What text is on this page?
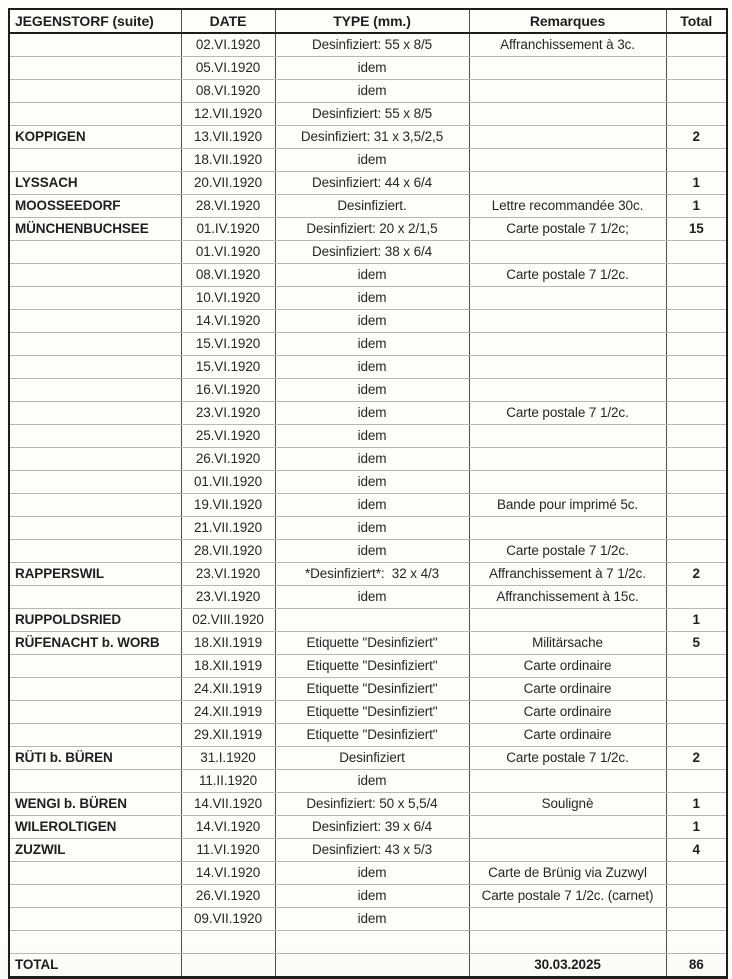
JEGENSTORF (suite)	DATE	TYPE (mm.)	Remarques	Total
	02.VI.1920	Desinfiziert: 55 x 8/5	Affranchissement à 3c.	
	05.VI.1920	idem		
	08.VI.1920	idem		
	12.VII.1920	Desinfiziert: 55 x 8/5		
KOPPIGEN	13.VII.1920	Desinfiziert: 31 x 3,5/2,5		2
	18.VII.1920	idem		
LYSSACH	20.VII.1920	Desinfiziert: 44 x 6/4		1
MOOSSEEDORF	28.VI.1920	Desinfiziert.	Lettre recommandée 30c.	1
MÜNCHENBUCHSEE	01.IV.1920	Desinfiziert: 20 x 2/1,5	Carte postale 7 1/2c;	15
	01.VI.1920	Desinfiziert: 38 x 6/4		
	08.VI.1920	idem	Carte postale 7 1/2c.	
	10.VI.1920	idem		
	14.VI.1920	idem		
	15.VI.1920	idem		
	15.VI.1920	idem		
	16.VI.1920	idem		
	23.VI.1920	idem	Carte postale 7 1/2c.	
	25.VI.1920	idem		
	26.VI.1920	idem		
	01.VII.1920	idem		
	19.VII.1920	idem	Bande pour imprimé 5c.	
	21.VII.1920	idem		
	28.VII.1920	idem	Carte postale 7 1/2c.	
RAPPERSWIL	23.VI.1920	*Desinfiziert*:  32 x 4/3	Affranchissement à 7 1/2c.	2
	23.VI.1920	idem	Affranchissement à 15c.	
RUPPOLDSRIED	02.VIII.1920			1
RÜFENACHT b. WORB	18.XII.1919	Etiquette "Desinfiziert"	Militärsache	5
	18.XII.1919	Etiquette "Desinfiziert"	Carte ordinaire	
	24.XII.1919	Etiquette "Desinfiziert"	Carte ordinaire	
	24.XII.1919	Etiquette "Desinfiziert"	Carte ordinaire	
	29.XII.1919	Etiquette "Desinfiziert"	Carte ordinaire	
RÜTI b. BÜREN	31.I.1920	Desinfiziert	Carte postale 7 1/2c.	2
	11.II.1920	idem		
WENGI b. BÜREN	14.VII.1920	Desinfiziert: 50 x 5,5/4	Soulignè	1
WILEROLTIGEN	14.VI.1920	Desinfiziert: 39 x 6/4		1
ZUZWIL	11.VI.1920	Desinfiziert: 43 x 5/3		4
	14.VI.1920	idem	Carte de Brünig via Zuzwyl	
	26.VI.1920	idem	Carte postale 7 1/2c. (carnet)	
	09.VII.1920	idem		

TOTAL			30.03.2025	86
